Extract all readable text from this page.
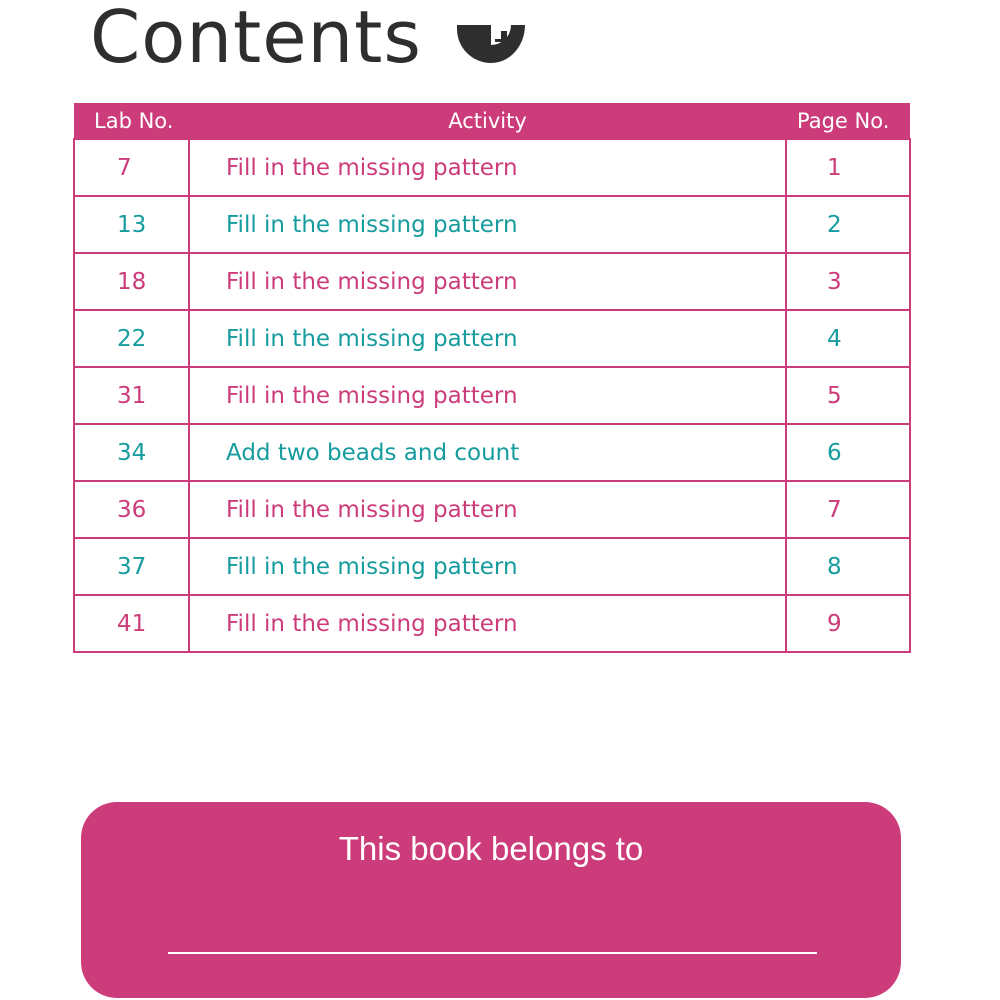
Contents
Lab No.	Activity	Page No.
7	Fill in the missing pattern	1
13	Fill in the missing pattern	2
18	Fill in the missing pattern	3
22	Fill in the missing pattern	4
31	Fill in the missing pattern	5
34	Add two beads and count	6
36	Fill in the missing pattern	7
37	Fill in the missing pattern	8
41	Fill in the missing pattern	9
This book belongs to
